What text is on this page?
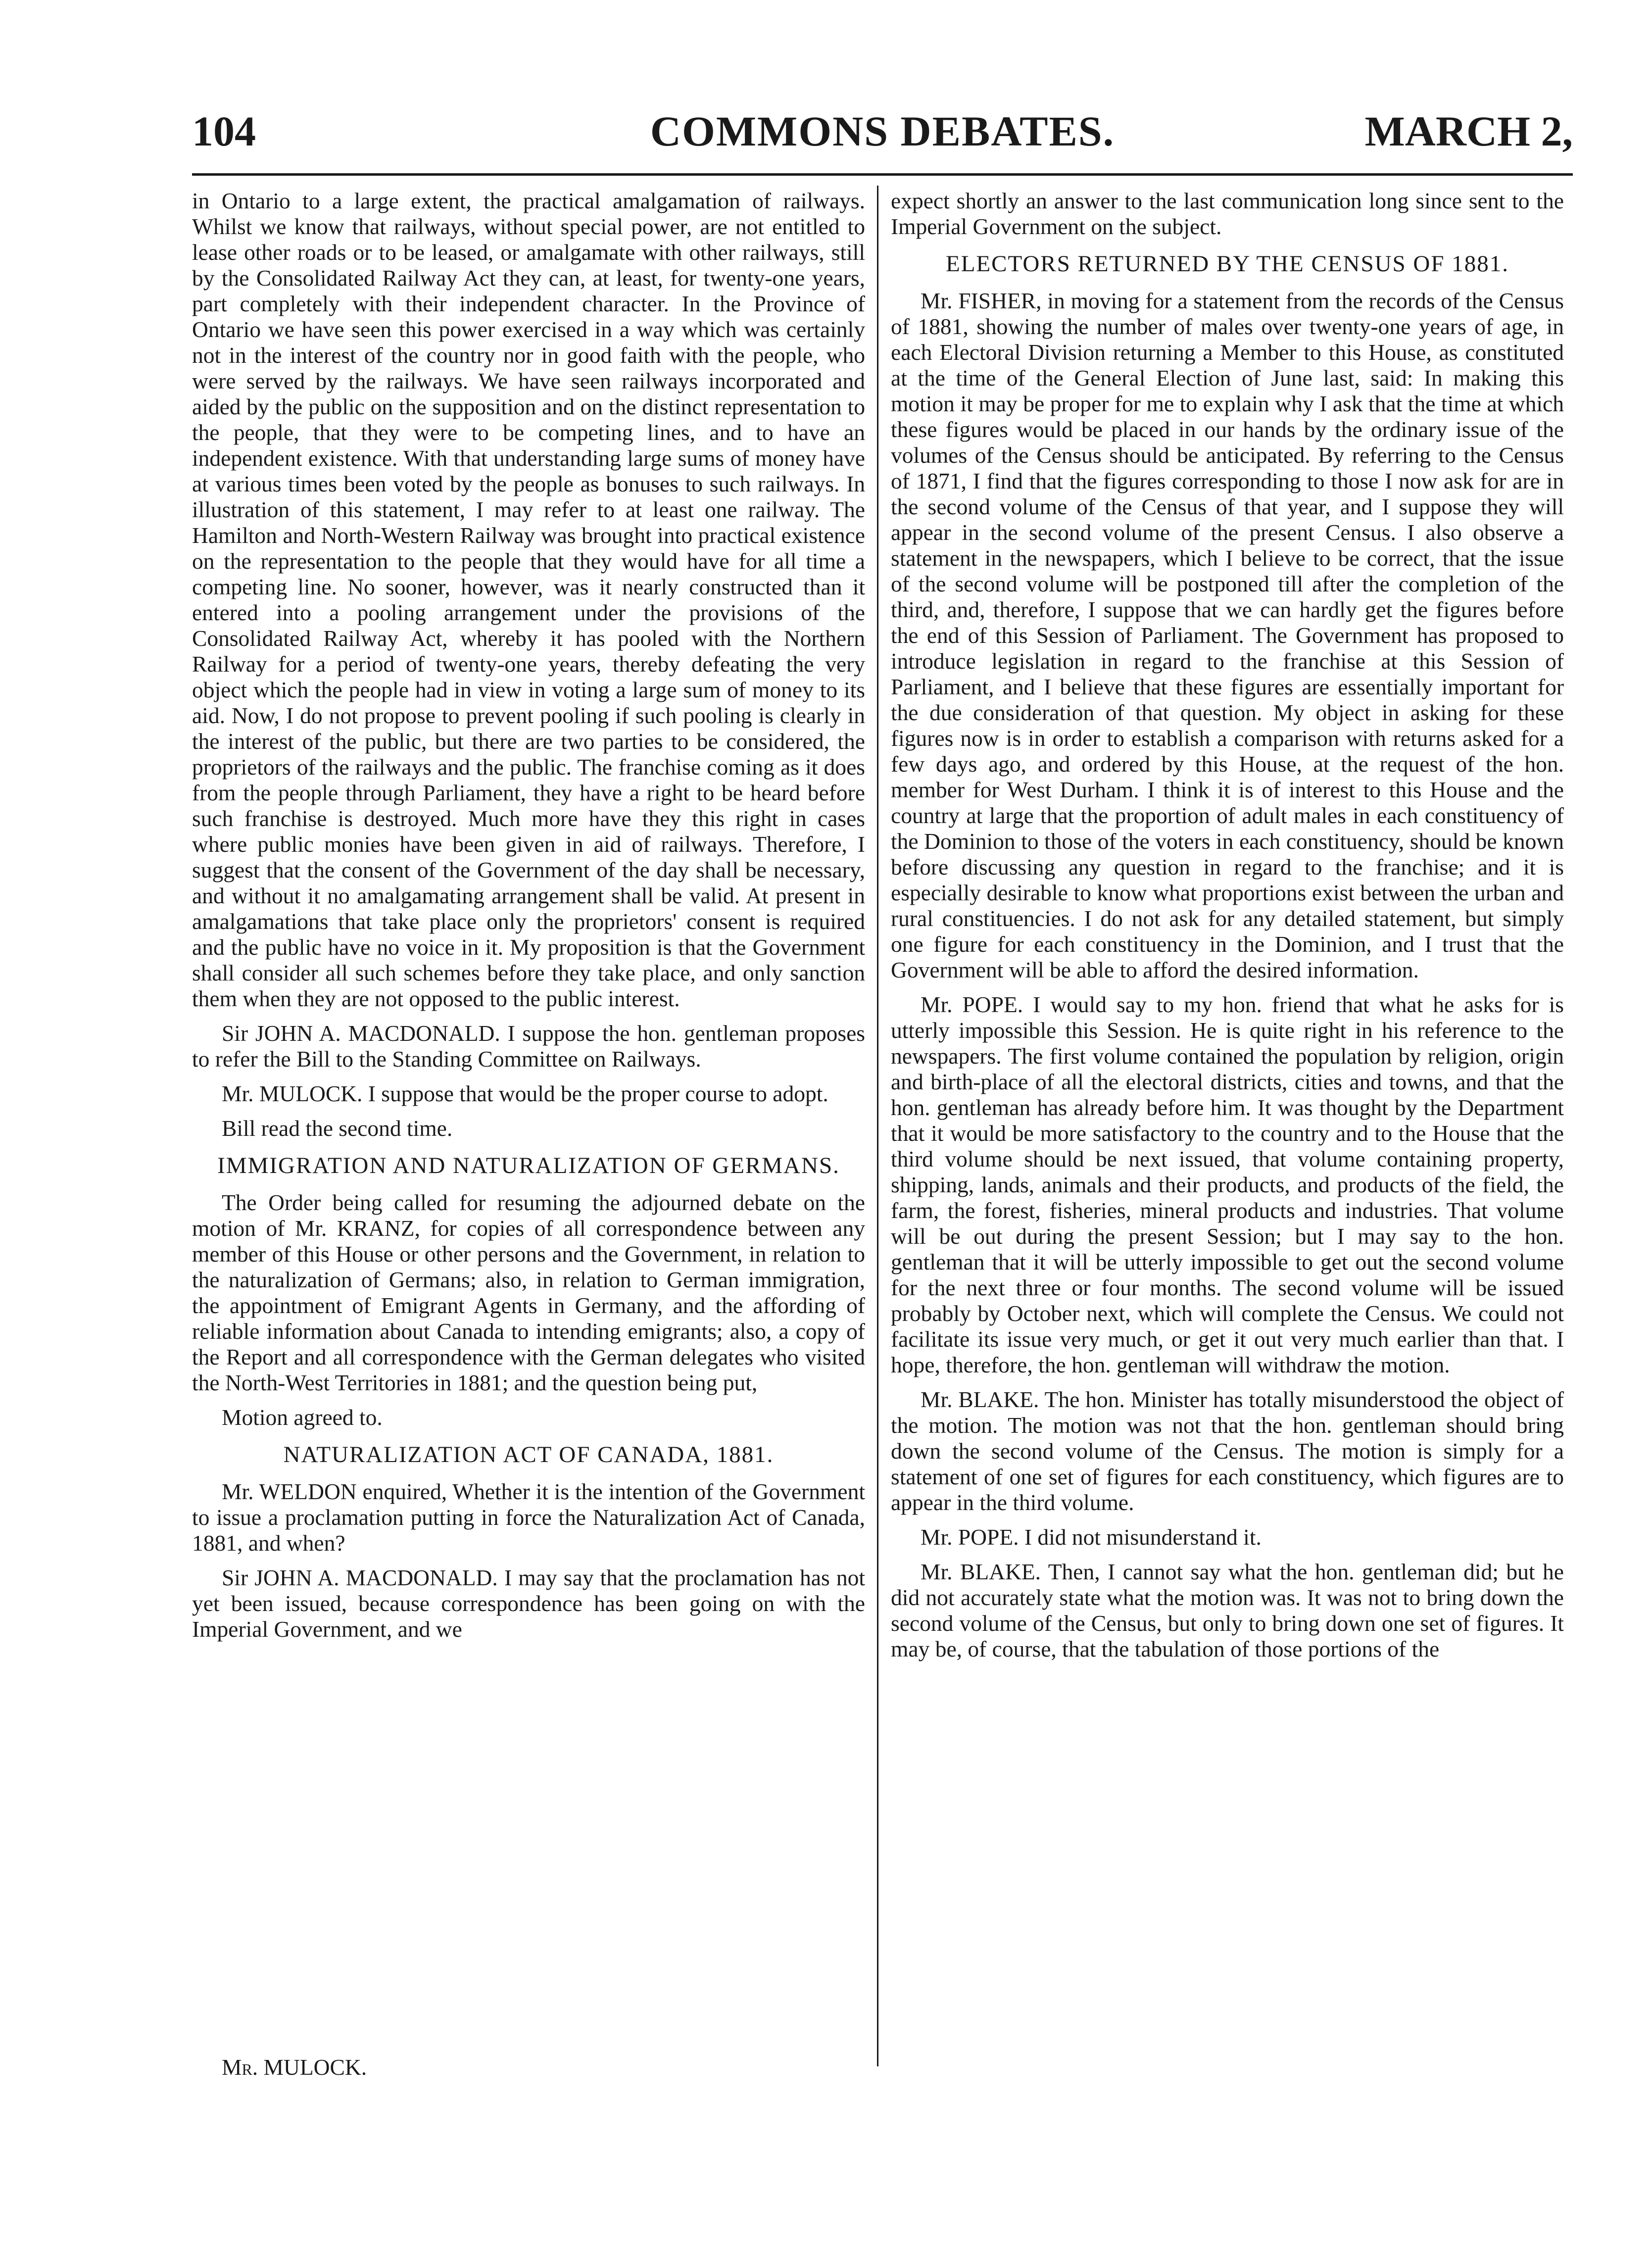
104	COMMONS DEBATES.	MARCH 2,

in Ontario to a large extent, the practical amalgamation of railways. Whilst we know that railways, without special power, are not entitled to lease other roads or to be leased, or amalgamate with other railways, still by the Consolidated Railway Act they can, at least, for twenty-one years, part completely with their independent character. In the Province of Ontario we have seen this power exercised in a way which was certainly not in the interest of the country nor in good faith with the people, who were served by the railways. We have seen railways incorporated and aided by the public on the supposition and on the distinct representation to the people, that they were to be competing lines, and to have an independent existence. With that understanding large sums of money have at various times been voted by the people as bonuses to such railways. In illustration of this statement, I may refer to at least one railway. The Hamilton and North-Western Railway was brought into practical existence on the representation to the people that they would have for all time a competing line. No sooner, however, was it nearly constructed than it entered into a pooling arrangement under the provisions of the Consolidated Railway Act, whereby it has pooled with the Northern Railway for a period of twenty-one years, thereby defeating the very object which the people had in view in voting a large sum of money to its aid. Now, I do not propose to prevent pooling if such pooling is clearly in the interest of the public, but there are two parties to be considered, the proprietors of the railways and the public. The franchise coming as it does from the people through Parliament, they have a right to be heard before such franchise is destroyed. Much more have they this right in cases where public monies have been given in aid of railways. Therefore, I suggest that the consent of the Government of the day shall be necessary, and without it no amalgamating arrangement shall be valid. At present in amalgamations that take place only the proprietors' consent is required and the public have no voice in it. My proposition is that the Government shall consider all such schemes before they take place, and only sanction them when they are not opposed to the public interest.

Sir JOHN A. MACDONALD. I suppose the hon. gentleman proposes to refer the Bill to the Standing Committee on Railways.

Mr. MULOCK. I suppose that would be the proper course to adopt.

Bill read the second time.

IMMIGRATION AND NATURALIZATION OF GERMANS.

The Order being called for resuming the adjourned debate on the motion of Mr. KRANZ, for copies of all correspondence between any member of this House or other persons and the Government, in relation to the naturalization of Germans; also, in relation to German immigration, the appointment of Emigrant Agents in Germany, and the affording of reliable information about Canada to intending emigrants; also, a copy of the Report and all correspondence with the German delegates who visited the North-West Territories in 1881; and the question being put,

Motion agreed to.

NATURALIZATION ACT OF CANADA, 1881.

Mr. WELDON enquired, Whether it is the intention of the Government to issue a proclamation putting in force the Naturalization Act of Canada, 1881, and when?

Sir JOHN A. MACDONALD. I may say that the proclamation has not yet been issued, because correspondence has been going on with the Imperial Government, and we

expect shortly an answer to the last communication long since sent to the Imperial Government on the subject.

ELECTORS RETURNED BY THE CENSUS OF 1881.

Mr. FISHER, in moving for a statement from the records of the Census of 1881, showing the number of males over twenty-one years of age, in each Electoral Division returning a Member to this House, as constituted at the time of the General Election of June last, said: In making this motion it may be proper for me to explain why I ask that the time at which these figures would be placed in our hands by the ordinary issue of the volumes of the Census should be anticipated. By referring to the Census of 1871, I find that the figures corresponding to those I now ask for are in the second volume of the Census of that year, and I suppose they will appear in the second volume of the present Census. I also observe a statement in the newspapers, which I believe to be correct, that the issue of the second volume will be postponed till after the completion of the third, and, therefore, I suppose that we can hardly get the figures before the end of this Session of Parliament. The Government has proposed to introduce legislation in regard to the franchise at this Session of Parliament, and I believe that these figures are essentially important for the due consideration of that question. My object in asking for these figures now is in order to establish a comparison with returns asked for a few days ago, and ordered by this House, at the request of the hon. member for West Durham. I think it is of interest to this House and the country at large that the proportion of adult males in each constituency of the Dominion to those of the voters in each constituency, should be known before discussing any question in regard to the franchise; and it is especially desirable to know what proportions exist between the urban and rural constituencies. I do not ask for any detailed statement, but simply one figure for each constituency in the Dominion, and I trust that the Government will be able to afford the desired information.

Mr. POPE. I would say to my hon. friend that what he asks for is utterly impossible this Session. He is quite right in his reference to the newspapers. The first volume contained the population by religion, origin and birth-place of all the electoral districts, cities and towns, and that the hon. gentleman has already before him. It was thought by the Department that it would be more satisfactory to the country and to the House that the third volume should be next issued, that volume containing property, shipping, lands, animals and their products, and products of the field, the farm, the forest, fisheries, mineral products and industries. That volume will be out during the present Session; but I may say to the hon. gentleman that it will be utterly impossible to get out the second volume for the next three or four months. The second volume will be issued probably by October next, which will complete the Census. We could not facilitate its issue very much, or get it out very much earlier than that. I hope, therefore, the hon. gentleman will withdraw the motion.

Mr. BLAKE. The hon. Minister has totally misunderstood the object of the motion. The motion was not that the hon. gentleman should bring down the second volume of the Census. The motion is simply for a statement of one set of figures for each constituency, which figures are to appear in the third volume.

Mr. POPE. I did not misunderstand it.

Mr. BLAKE. Then, I cannot say what the hon. gentleman did; but he did not accurately state what the motion was. It was not to bring down the second volume of the Census, but only to bring down one set of figures. It may be, of course, that the tabulation of those portions of the

Mr. MULOCK.
